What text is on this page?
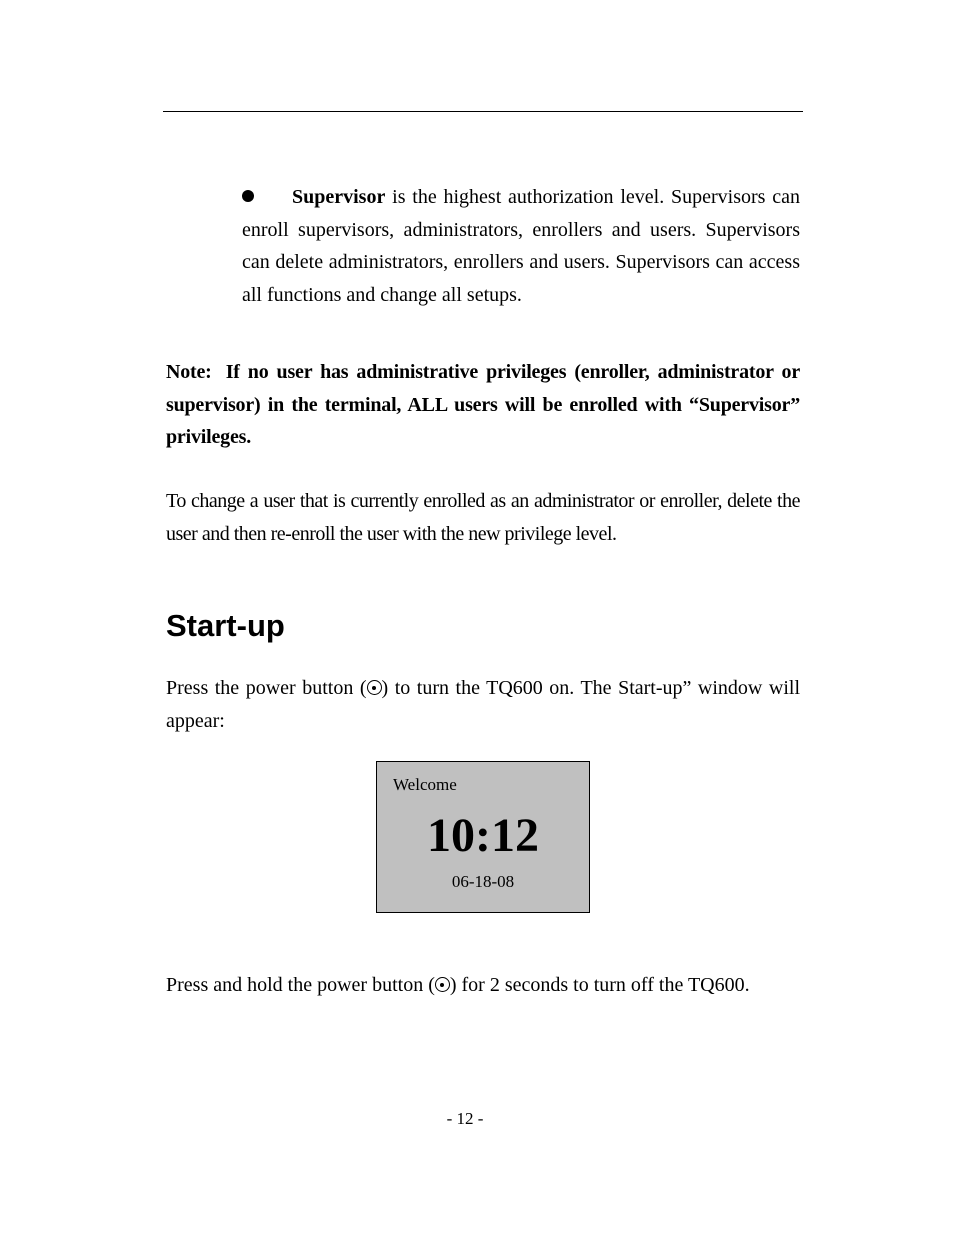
Supervisor is the highest authorization level. Supervisors can enroll supervisors, administrators, enrollers and users. Supervisors can delete administrators, enrollers and users. Supervisors can access all functions and change all setups.
Note: If no user has administrative privileges (enroller, administrator or supervisor) in the terminal, ALL users will be enrolled with “Supervisor” privileges.
To change a user that is currently enrolled as an administrator or enroller, delete the user and then re-enroll the user with the new privilege level.
Start-up
Press the power button ( ) to turn the TQ600 on. The Start-up” window will appear:
Welcome
10:12
06-18-08
Press and hold the power button ( ) for 2 seconds to turn off the TQ600.
- 12 -
